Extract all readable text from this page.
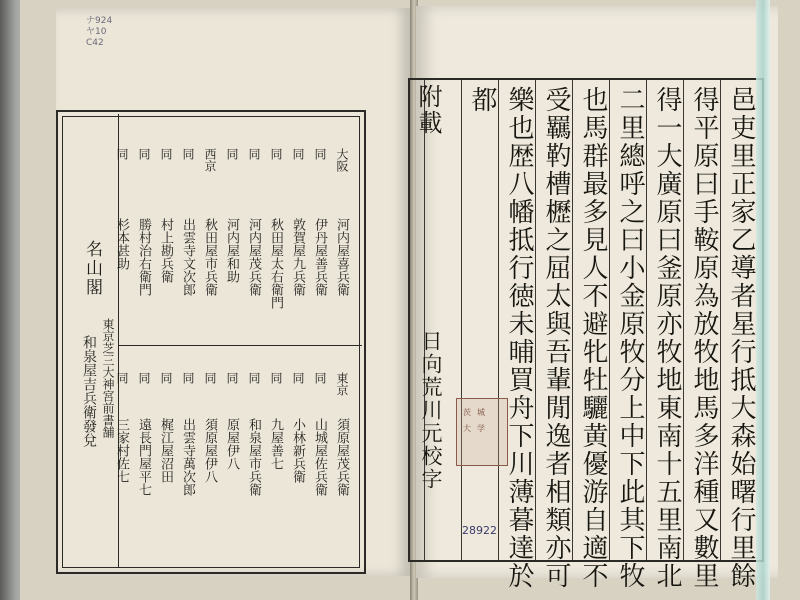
ナ924
ヤ10
C42
名山閣
大阪
河内屋喜兵衛
同
伊丹屋善兵衛
同
敦賀屋九兵衛
同
秋田屋太右衛門
同
河内屋茂兵衛
同
河内屋和助
西京
秋田屋市兵衛
同
出雲寺文次郎
同
村上勘兵衛
同
勝村治右衛門
同
杉本甚助
東京
須原屋茂兵衛
同
山城屋佐兵衛
同
小林新兵衛
同
九屋善七
同
和泉屋市兵衛
同
原屋伊八
同
須原屋伊八
同
出雲寺萬次郎
同
梶江屋沼田
同
遠長門屋平七
同
三家村佐七
東京芝三大神宮前書舗
和泉屋吉兵衛發兌	邑吏里正家乙導者星行抵大森始曙行里餘
得平原曰手鞍原為放牧地馬多洋種又數里
得一大廣原曰釜原亦牧地東南十五里南北
二里總呼之曰小金原牧分上中下此其下牧
也馬群最多見人不避牝牡驪黄優游自適不
受羈靮槽櫪之屈太與吾輩閒逸者相類亦可
樂也歴八幡抵行徳未晡買舟下川薄暮達於
都
附載
日向荒川元校字	茨 城
大 学
28922
